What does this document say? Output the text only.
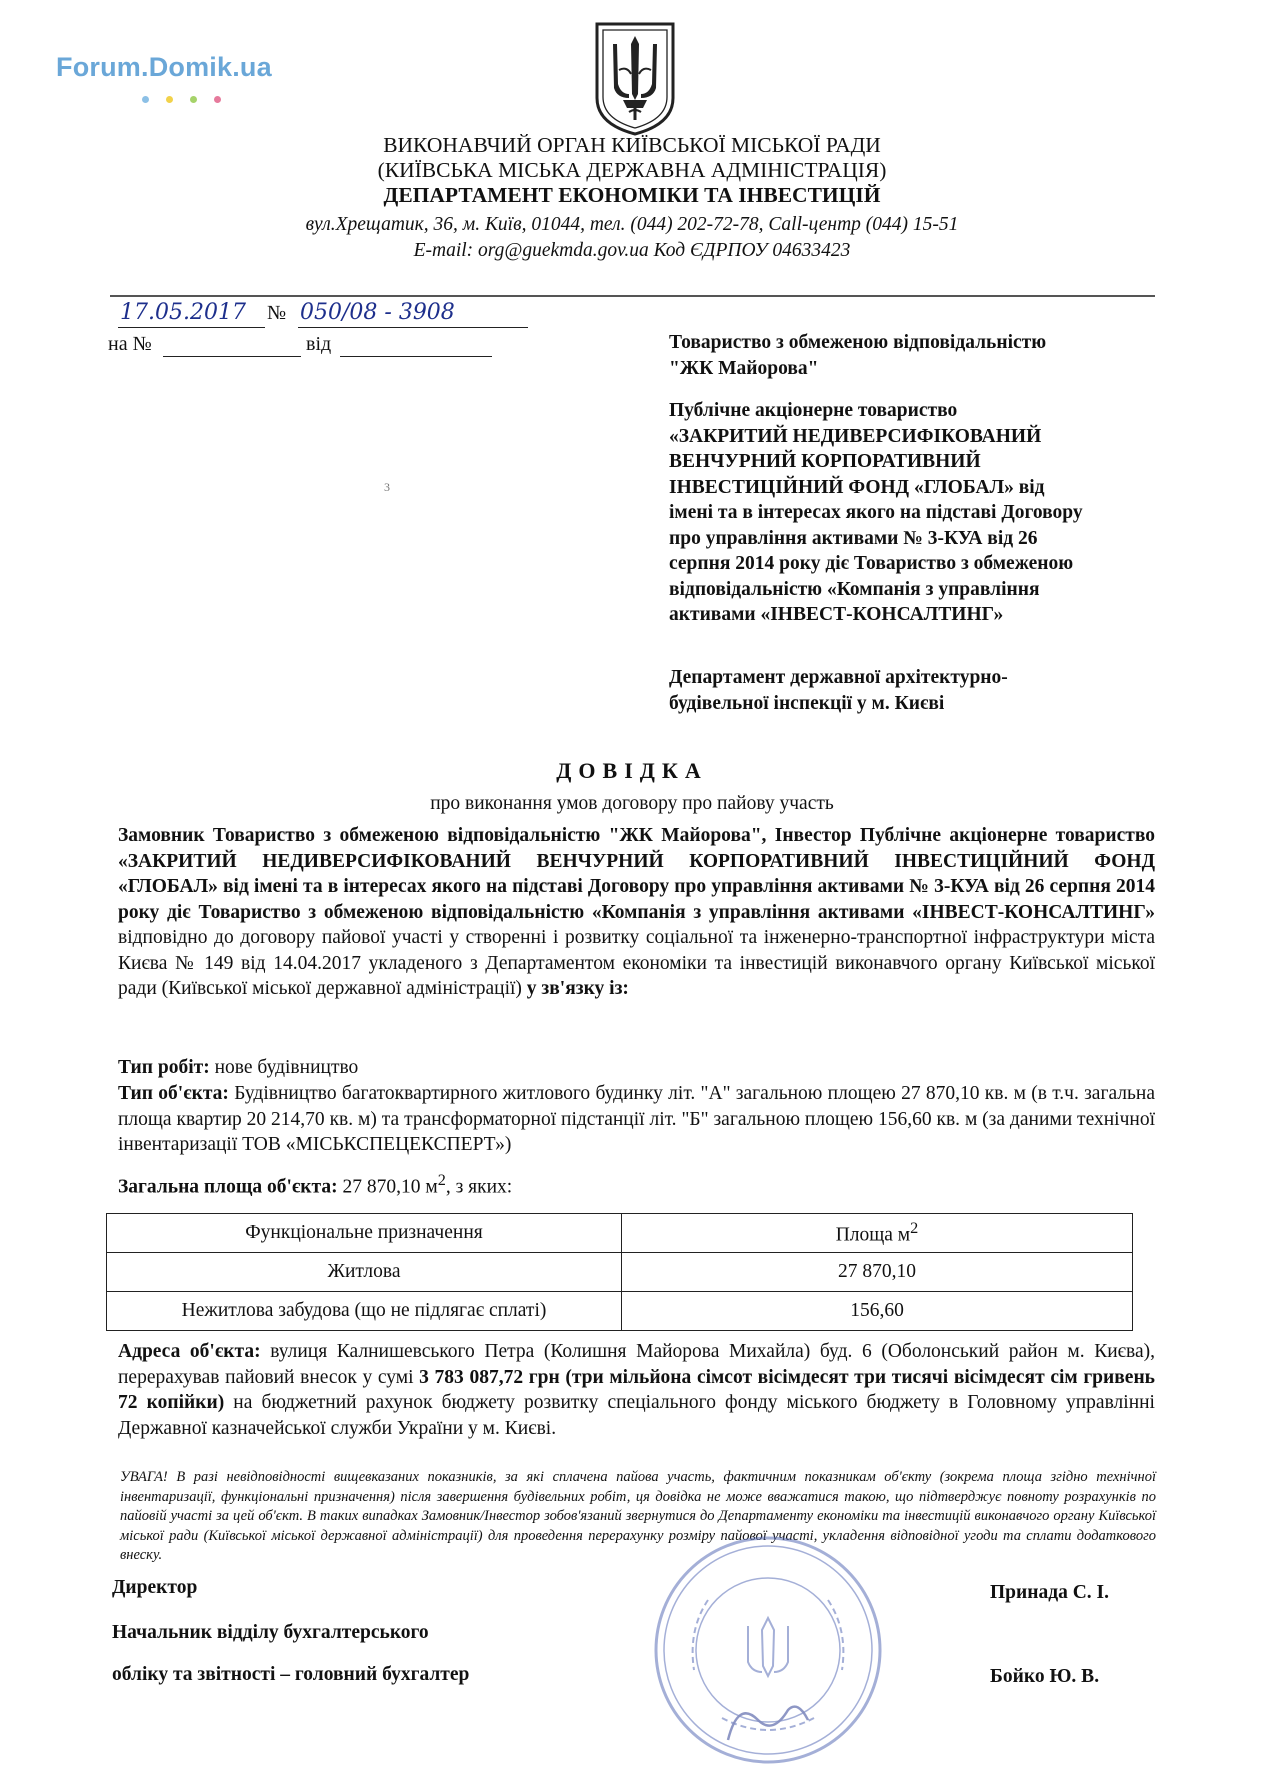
Forum.Domik.ua
ВИКОНАВЧИЙ ОРГАН КИЇВСЬКОЇ МІСЬКОЇ РАДИ
(КИЇВСЬКА МІСЬКА ДЕРЖАВНА АДМІНІСТРАЦІЯ)
ДЕПАРТАМЕНТ ЕКОНОМІКИ ТА ІНВЕСТИЦІЙ
вул.Хрещатик, 36, м. Київ, 01044, тел. (044) 202-72-78, Call-центр (044) 15-51
E-mail: org@guekmda.gov.ua Код ЄДРПОУ 04633423
17.05.2017 № 050/08 - 3908
на №	від
3
Товариство з обмеженою відповідальністю
"ЖК Майорова"
Публічне акціонерне товариство
«ЗАКРИТИЙ НЕДИВЕРСИФІКОВАНИЙ
ВЕНЧУРНИЙ КОРПОРАТИВНИЙ
ІНВЕСТИЦІЙНИЙ ФОНД «ГЛОБАЛ» від
імені та в інтересах якого на підставі Договору
про управління активами № 3-КУА від 26
серпня 2014 року діє Товариство з обмеженою
відповідальністю «Компанія з управління
активами «ІНВЕСТ-КОНСАЛТИНГ»
Департамент державної архітектурно-
будівельної інспекції у м. Києві
ДОВІДКА
про виконання умов договору про пайову участь
Замовник Товариство з обмеженою відповідальністю "ЖК Майорова", Інвестор Публічне акціонерне товариство «ЗАКРИТИЙ НЕДИВЕРСИФІКОВАНИЙ ВЕНЧУРНИЙ КОРПОРАТИВНИЙ ІНВЕСТИЦІЙНИЙ ФОНД «ГЛОБАЛ» від імені та в інтересах якого на підставі Договору про управління активами № 3-КУА від 26 серпня 2014 року діє Товариство з обмеженою відповідальністю «Компанія з управління активами «ІНВЕСТ-КОНСАЛТИНГ» відповідно до договору пайової участі у створенні і розвитку соціальної та інженерно-транспортної інфраструктури міста Києва № 149 від 14.04.2017 укладеного з Департаментом економіки та інвестицій виконавчого органу Київської міської ради (Київської міської державної адміністрації) у зв'язку із:
Тип робіт: нове будівництво
Тип об'єкта: Будівництво багатоквартирного житлового будинку літ. "А" загальною площею 27 870,10 кв. м (в т.ч. загальна площа квартир 20 214,70 кв. м) та трансформаторної підстанції літ. "Б" загальною площею 156,60 кв. м (за даними технічної інвентаризації ТОВ «МІСЬКСПЕЦЕКСПЕРТ»)
Загальна площа об'єкта: 27 870,10 $м^2$, з яких:
Функціональне призначення	Площа $м^2$
Житлова	27 870,10
Нежитлова забудова (що не підлягає сплаті)	156,60
Адреса об'єкта: вулиця Калнишевського Петра (Колишня Майорова Михайла) буд. 6 (Оболонський район м. Києва), перерахував пайовий внесок у сумі 3 783 087,72 грн (три мільйона сімсот вісімдесят три тисячі вісімдесят сім гривень 72 копійки) на бюджетний рахунок бюджету розвитку спеціального фонду міського бюджету в Головному управлінні Державної казначейської служби України у м. Києві.
УВАГА! В разі невідповідності вищевказаних показників, за які сплачена пайова участь, фактичним показникам об'єкту (зокрема площа згідно технічної інвентаризації, функціональні призначення) після завершення будівельних робіт, ця довідка не може вважатися такою, що підтверджує повноту розрахунків по пайовій участі за цей об'єкт. В таких випадках Замовник/Інвестор зобов'язаний звернутися до Департаменту економіки та інвестицій виконавчого органу Київської міської ради (Київської міської державної адміністрації) для проведення перерахунку розміру пайової участі, укладення відповідної угоди та сплати додаткового внеску.
Директор	Принада С. І.
Начальник відділу бухгалтерського
обліку та звітності – головний бухгалтер	Бойко Ю. В.
